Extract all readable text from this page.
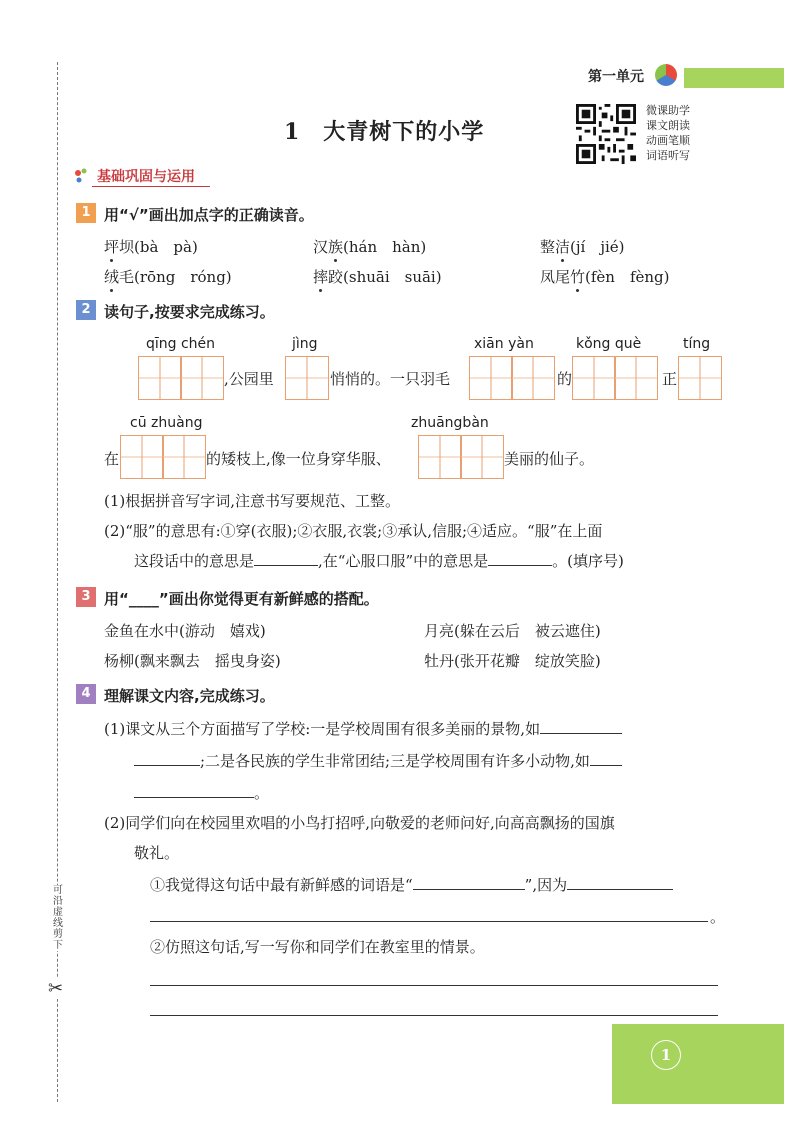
可沿虚线剪下
✂
第一单元
1　大青树下的小学
微课助学
课文朗读
动画笔顺
词语听写
基础巩固与运用
1 用“√”画出加点字的正确读音。
坪坝(bà　pà)	汉族(hán　hàn)	整洁(jí　jié)
绒毛(rōng　róng)	摔跤(shuāi　suāi)	凤尾竹(fèn　fèng)
2 读句子,按要求完成练习。
qīng chén	jìng	xiān yàn	kǒng què	tíng
,公园里	悄悄的。一只羽毛	的	正
cū zhuàng	zhuāngbàn
在	的矮枝上,像一位身穿华服、	美丽的仙子。
(1)根据拼音写字词,注意书写要规范、工整。
(2)“服”的意思有:①穿(衣服);②衣服,衣裳;③承认,信服;④适应。“服”在上面
这段话中的意思是	,在“心服口服”中的意思是	。(填序号)
3 用“____”画出你觉得更有新鲜感的搭配。
金鱼在水中(游动　嬉戏)	月亮(躲在云后　被云遮住)
杨柳(飘来飘去　摇曳身姿)	牡丹(张开花瓣　绽放笑脸)
4 理解课文内容,完成练习。
(1)课文从三个方面描写了学校:一是学校周围有很多美丽的景物,如
;二是各民族的学生非常团结;三是学校周围有许多小动物,如
。
(2)同学们向在校园里欢唱的小鸟打招呼,向敬爱的老师问好,向高高飘扬的国旗
敬礼。
①我觉得这句话中最有新鲜感的词语是“	”,因为
。
②仿照这句话,写一写你和同学们在教室里的情景。
1
